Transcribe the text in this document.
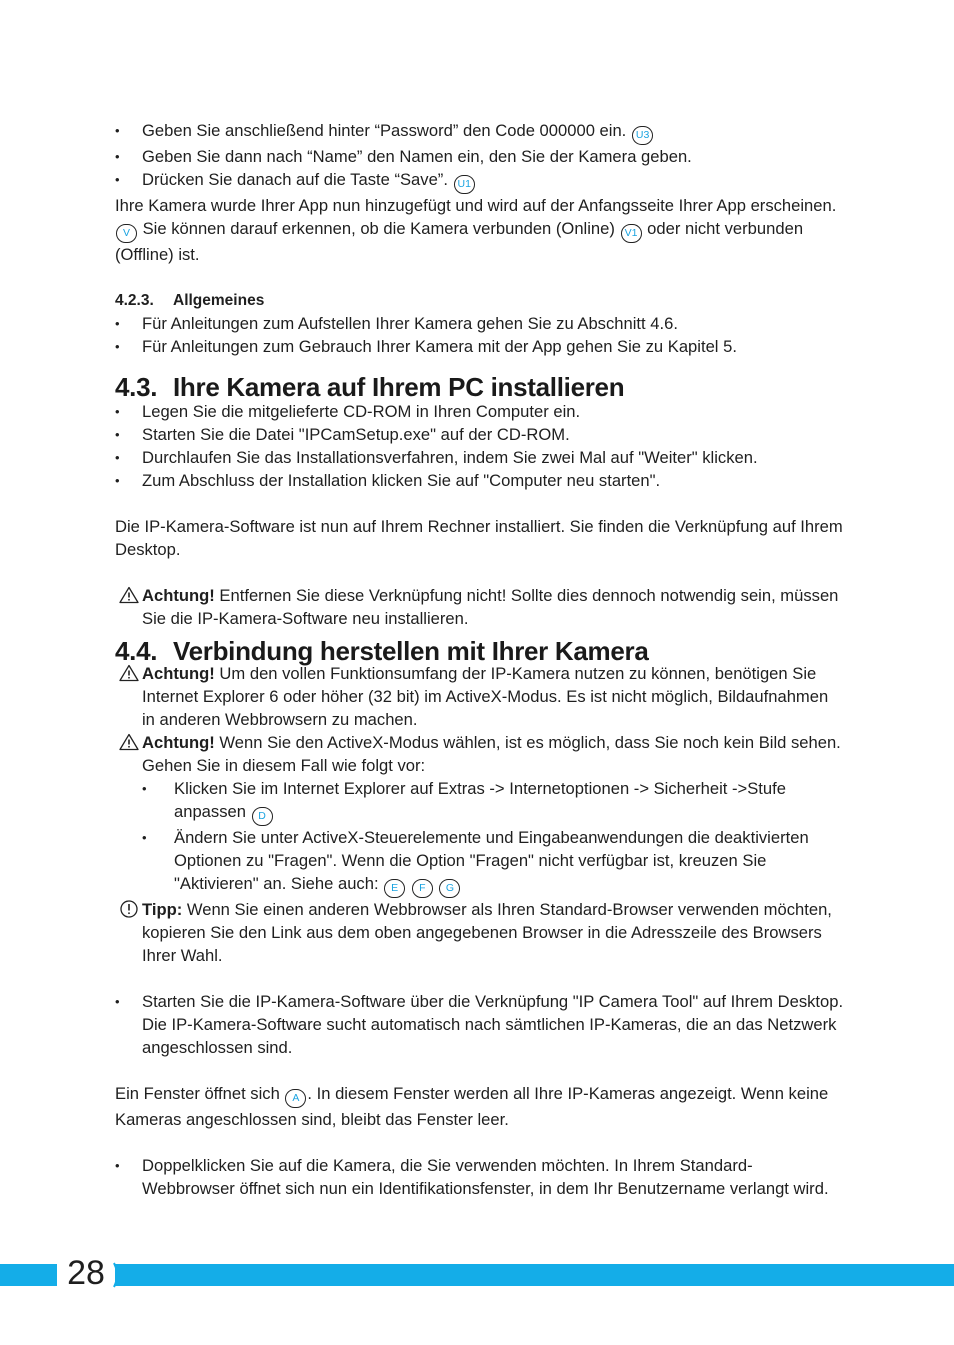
• Geben Sie anschließend hinter “Password” den Code 000000 ein. U3
• Geben Sie dann nach “Name” den Namen ein, den Sie der Kamera geben.
• Drücken Sie danach auf die Taste “Save”. U1

Ihre Kamera wurde Ihrer App nun hinzugefügt und wird auf der Anfangsseite Ihrer App erscheinen. V Sie können darauf erkennen, ob die Kamera verbunden (Online) V1 oder nicht verbunden (Offline) ist.

4.2.3. Allgemeines
• Für Anleitungen zum Aufstellen Ihrer Kamera gehen Sie zu Abschnitt 4.6.
• Für Anleitungen zum Gebrauch Ihrer Kamera mit der App gehen Sie zu Kapitel 5.
4.3. Ihre Kamera auf Ihrem PC installieren
• Legen Sie die mitgelieferte CD-ROM in Ihren Computer ein.
• Starten Sie die Datei "IPCamSetup.exe" auf der CD-ROM.
• Durchlaufen Sie das Installationsverfahren, indem Sie zwei Mal auf "Weiter" klicken.
• Zum Abschluss der Installation klicken Sie auf "Computer neu starten".

Die IP-Kamera-Software ist nun auf Ihrem Rechner installiert. Sie finden die Verknüpfung auf Ihrem Desktop.

Achtung! Entfernen Sie diese Verknüpfung nicht! Sollte dies dennoch notwendig sein, müssen Sie die IP-Kamera-Software neu installieren.
4.4. Verbindung herstellen mit Ihrer Kamera
Achtung! Um den vollen Funktionsumfang der IP-Kamera nutzen zu können, benötigen Sie Internet Explorer 6 oder höher (32 bit) im ActiveX-Modus. Es ist nicht möglich, Bildaufnahmen in anderen Webbrowsern zu machen.
Achtung! Wenn Sie den ActiveX-Modus wählen, ist es möglich, dass Sie noch kein Bild sehen. Gehen Sie in diesem Fall wie folgt vor:
• Klicken Sie im Internet Explorer auf Extras -> Internetoptionen -> Sicherheit ->Stufe anpassen D
• Ändern Sie unter ActiveX-Steuerelemente und Eingabeanwendungen die deaktivierten Optionen zu "Fragen". Wenn die Option "Fragen" nicht verfügbar ist, kreuzen Sie "Aktivieren" an. Siehe auch: E F G
Tipp: Wenn Sie einen anderen Webbrowser als Ihren Standard-Browser verwenden möchten, kopieren Sie den Link aus dem oben angegebenen Browser in die Adresszeile des Browsers Ihrer Wahl.
• Starten Sie die IP-Kamera-Software über die Verknüpfung "IP Camera Tool" auf Ihrem Desktop. Die IP-Kamera-Software sucht automatisch nach sämtlichen IP-Kameras, die an das Netzwerk angeschlossen sind.

Ein Fenster öffnet sich A . In diesem Fenster werden all Ihre IP-Kameras angezeigt. Wenn keine Kameras angeschlossen sind, bleibt das Fenster leer.

• Doppelklicken Sie auf die Kamera, die Sie verwenden möchten. In Ihrem Standard-Webbrowser öffnet sich nun ein Identifikationsfenster, in dem Ihr Benutzername verlangt wird.
28
